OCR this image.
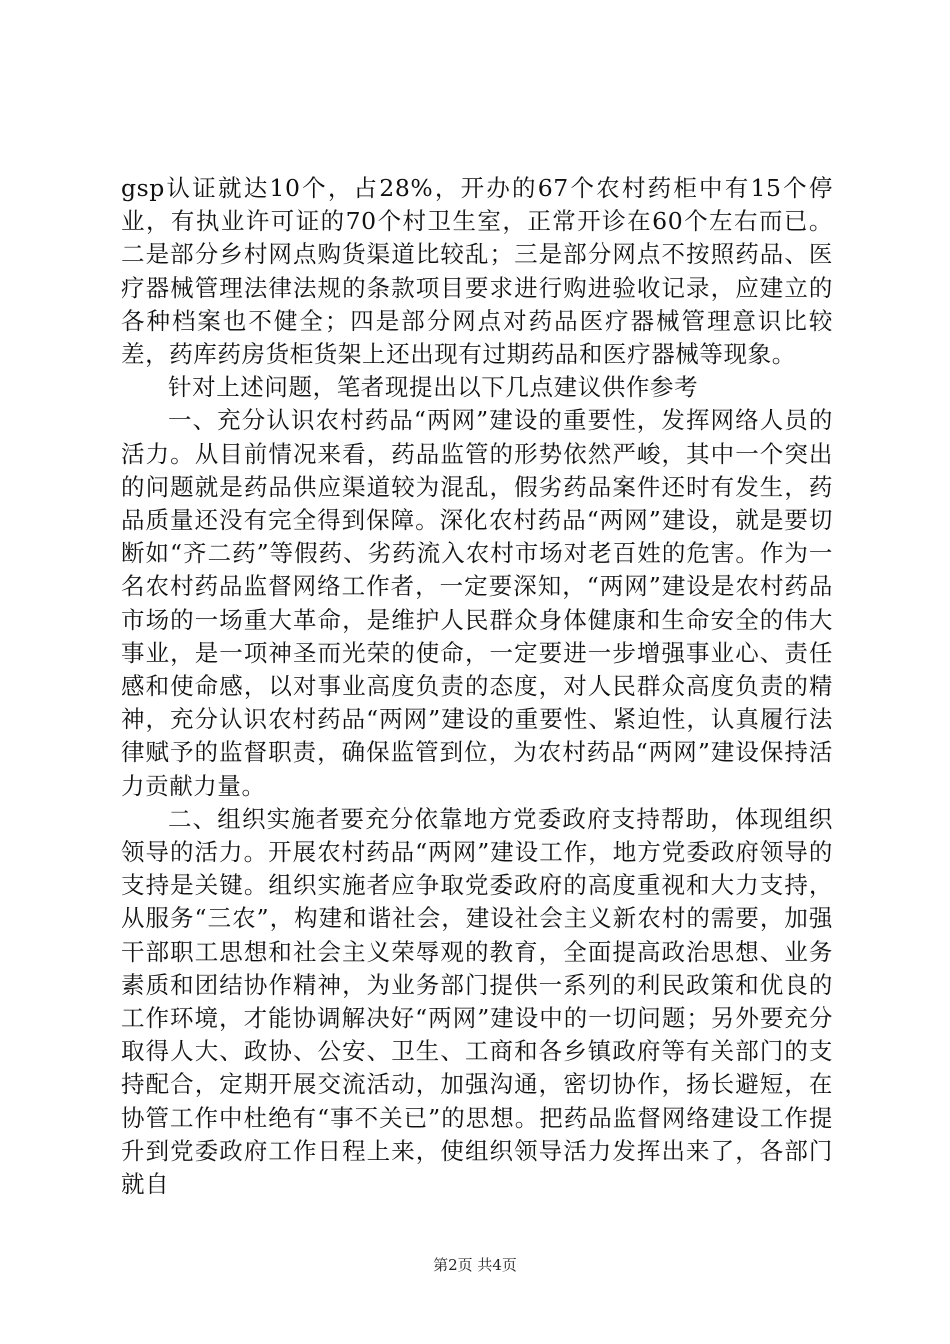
gsp认证就达10个，占28%，开办的67个农村药柜中有15个停业，有执业许可证的70个村卫生室，正常开诊在60个左右而已。二是部分乡村网点购货渠道比较乱；三是部分网点不按照药品、医疗器械管理法律法规的条款项目要求进行购进验收记录，应建立的各种档案也不健全；四是部分网点对药品医疗器械管理意识比较差，药库药房货柜货架上还出现有过期药品和医疗器械等现象。

针对上述问题，笔者现提出以下几点建议供作参考

一、充分认识农村药品“两网”建设的重要性，发挥网络人员的活力。从目前情况来看，药品监管的形势依然严峻，其中一个突出的问题就是药品供应渠道较为混乱，假劣药品案件还时有发生，药品质量还没有完全得到保障。深化农村药品“两网”建设，就是要切断如“齐二药”等假药、劣药流入农村市场对老百姓的危害。作为一名农村药品监督网络工作者，一定要深知，“两网”建设是农村药品市场的一场重大革命，是维护人民群众身体健康和生命安全的伟大事业，是一项神圣而光荣的使命，一定要进一步增强事业心、责任感和使命感，以对事业高度负责的态度，对人民群众高度负责的精神，充分认识农村药品“两网”建设的重要性、紧迫性，认真履行法律赋予的监督职责，确保监管到位，为农村药品“两网”建设保持活力贡献力量。

二、组织实施者要充分依靠地方党委政府支持帮助，体现组织领导的活力。开展农村药品“两网”建设工作，地方党委政府领导的支持是关键。组织实施者应争取党委政府的高度重视和大力支持，从服务“三农”，构建和谐社会，建设社会主义新农村的需要，加强干部职工思想和社会主义荣辱观的教育，全面提高政治思想、业务素质和团结协作精神，为业务部门提供一系列的利民政策和优良的工作环境，才能协调解决好“两网”建设中的一切问题；另外要充分取得人大、政协、公安、卫生、工商和各乡镇政府等有关部门的支持配合，定期开展交流活动，加强沟通，密切协作，扬长避短，在协管工作中杜绝有“事不关已”的思想。把药品监督网络建设工作提升到党委政府工作日程上来，使组织领导活力发挥出来了，各部门就自

第2页 共4页
